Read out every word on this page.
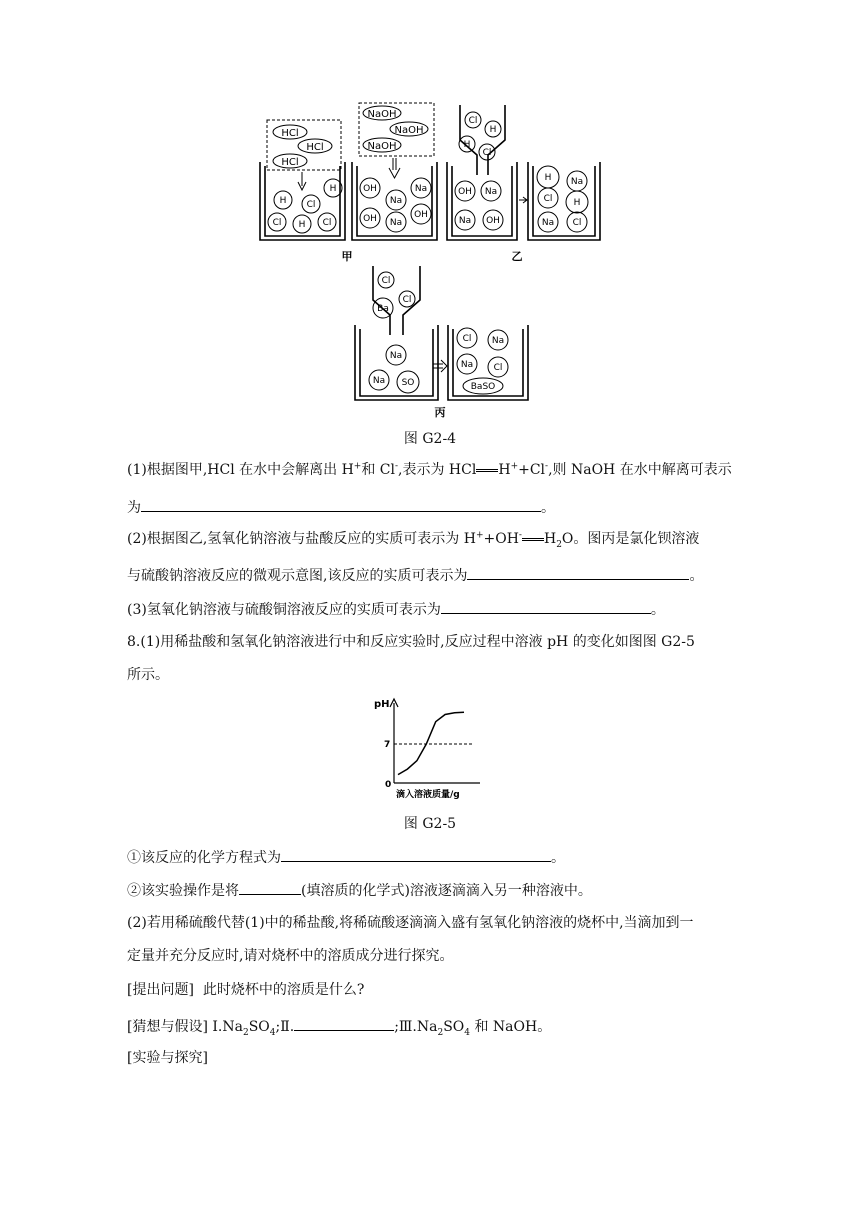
HCl
HCl
HCl
NaOH
NaOH
NaOH
H
H
Cl
Cl H Cl
OH
Na
Na
OH Na
OH
Cl
H
H
Cl
OH Na
Na OH
H Na
Cl H
Na Cl
甲	乙
Cl
Cl
Ba
Na
Na SO
Cl Na
Na Cl
BaSO
丙
图 G2-4
(1)根据图甲,HCl 在水中会解离出 H+和 Cl-,表示为 HCl H++Cl-,则 NaOH 在水中解离可表示
为	。
(2)根据图乙,氢氧化钠溶液与盐酸反应的实质可表示为 H++OH- $H_2O$。图丙是氯化钡溶液
与硫酸钠溶液反应的微观示意图,该反应的实质可表示为	。
(3)氢氧化钠溶液与硫酸铜溶液反应的实质可表示为	。
8.(1)用稀盐酸和氢氧化钠溶液进行中和反应实验时,反应过程中溶液 pH 的变化如图图 G2-5
所示。
pH
0
7
滴入溶液质量/g
图 G2-5
①该反应的化学方程式为	。
②该实验操作是将	(填溶质的化学式)溶液逐滴滴入另一种溶液中。
(2)若用稀硫酸代替(1)中的稀盐酸,将稀硫酸逐滴滴入盛有氢氧化钠溶液的烧杯中,当滴加到一
定量并充分反应时,请对烧杯中的溶质成分进行探究。
[提出问题] 此时烧杯中的溶质是什么?
[猜想与假设] $Ⅰ.Na_2SO_4;Ⅱ$.	$;Ⅲ.Na_2SO_4$ 和 NaOH。
[实验与探究]
